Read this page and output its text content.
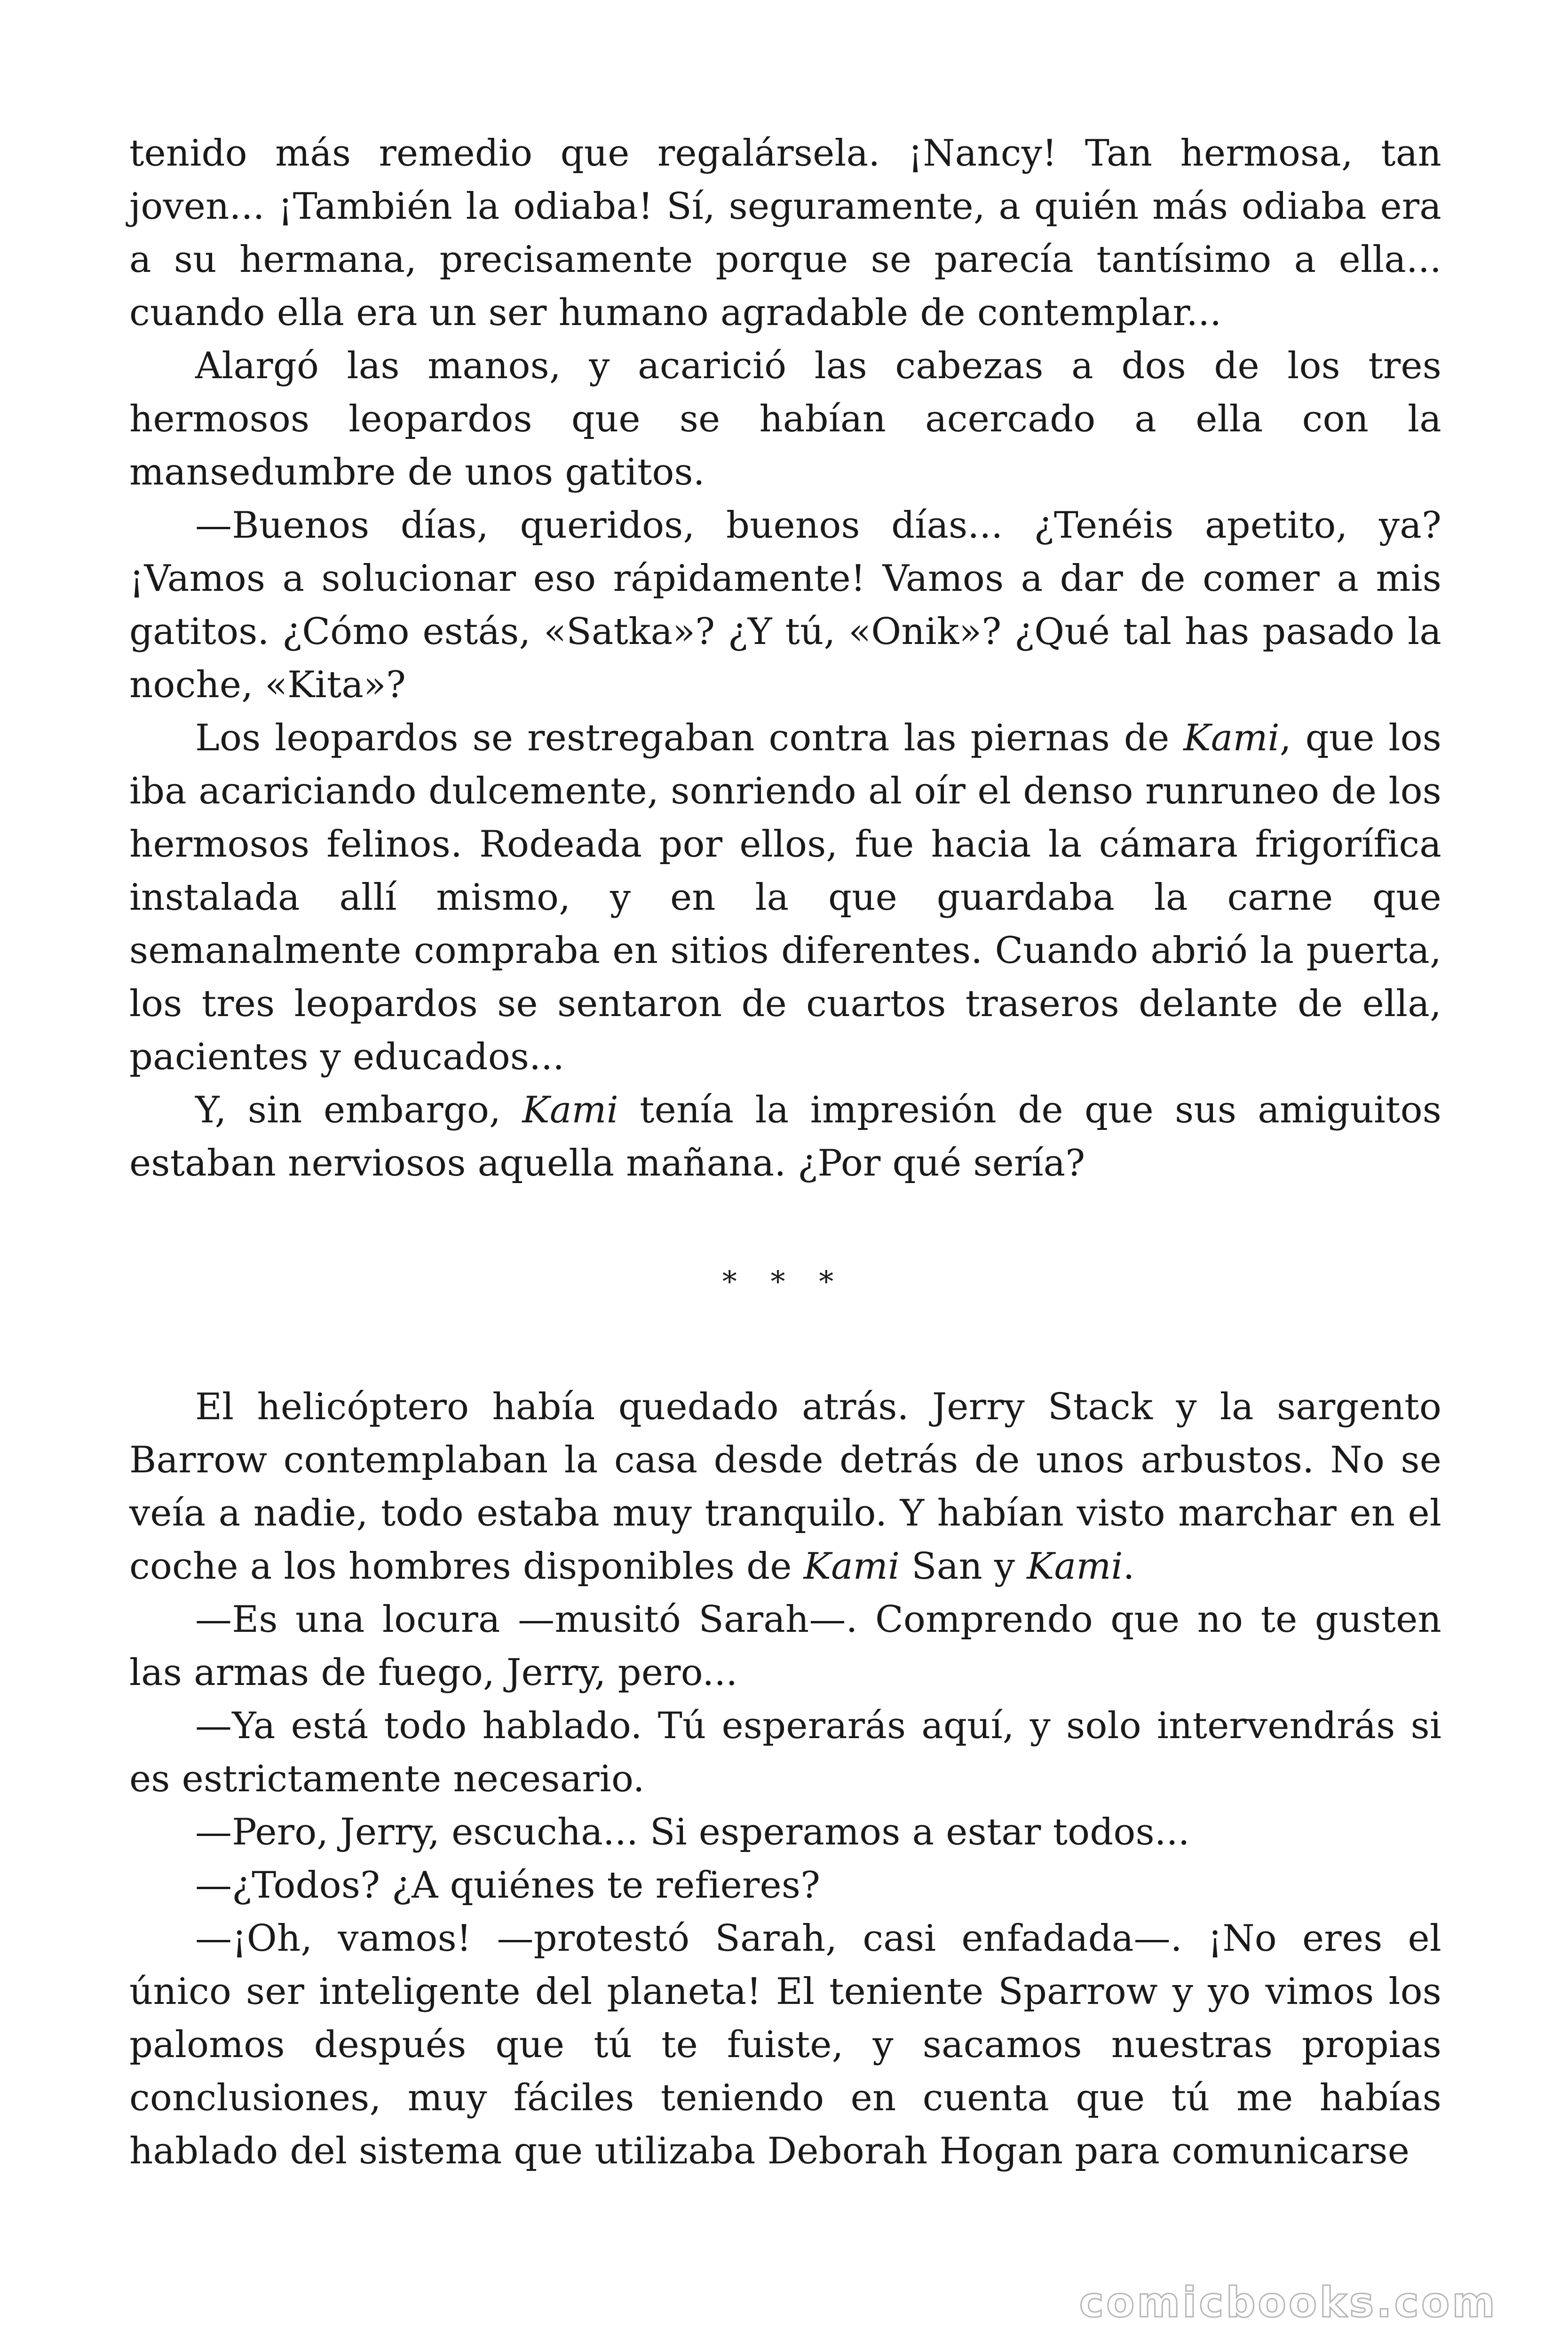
tenido más remedio que regalársela. ¡Nancy! Tan hermosa, tan joven... ¡También la odiaba! Sí, seguramente, a quién más odiaba era a su hermana, precisamente porque se parecía tantísimo a ella... cuando ella era un ser humano agradable de contemplar...

Alargó las manos, y acarició las cabezas a dos de los tres hermosos leopardos que se habían acercado a ella con la mansedumbre de unos gatitos.

—Buenos días, queridos, buenos días... ¿Tenéis apetito, ya? ¡Vamos a solucionar eso rápidamente! Vamos a dar de comer a mis gatitos. ¿Cómo estás, «Satka»? ¿Y tú, «Onik»? ¿Qué tal has pasado la noche, «Kita»?

Los leopardos se restregaban contra las piernas de Kami, que los iba acariciando dulcemente, sonriendo al oír el denso runruneo de los hermosos felinos. Rodeada por ellos, fue hacia la cámara frigorífica instalada allí mismo, y en la que guardaba la carne que semanalmente compraba en sitios diferentes. Cuando abrió la puerta, los tres leopardos se sentaron de cuartos traseros delante de ella, pacientes y educados...

Y, sin embargo, Kami tenía la impresión de que sus amiguitos estaban nerviosos aquella mañana. ¿Por qué sería?

* * *

El helicóptero había quedado atrás. Jerry Stack y la sargento Barrow contemplaban la casa desde detrás de unos arbustos. No se veía a nadie, todo estaba muy tranquilo. Y habían visto marchar en el coche a los hombres disponibles de Kami San y Kami.

—Es una locura —musitó Sarah—. Comprendo que no te gusten las armas de fuego, Jerry, pero...

—Ya está todo hablado. Tú esperarás aquí, y solo intervendrás si es estrictamente necesario.

—Pero, Jerry, escucha... Si esperamos a estar todos...

—¿Todos? ¿A quiénes te refieres?

—¡Oh, vamos! —protestó Sarah, casi enfadada—. ¡No eres el único ser inteligente del planeta! El teniente Sparrow y yo vimos los palomos después que tú te fuiste, y sacamos nuestras propias conclusiones, muy fáciles teniendo en cuenta que tú me habías hablado del sistema que utilizaba Deborah Hogan para comunicarse

comicbooks.com
